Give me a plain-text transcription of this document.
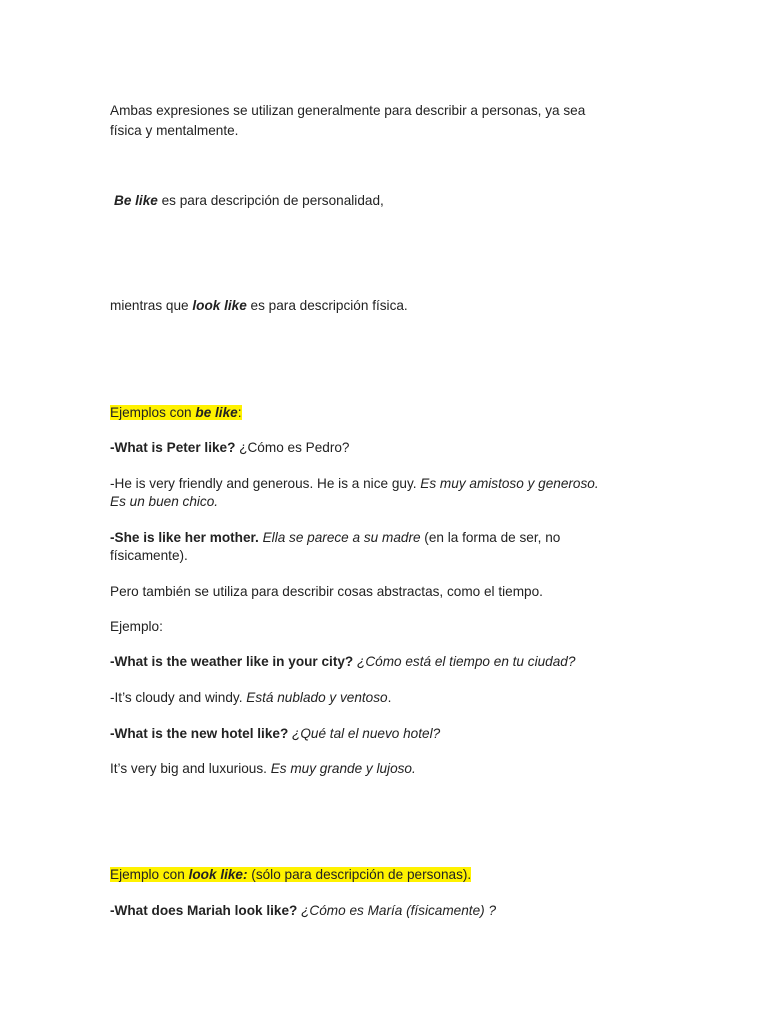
Ambas expresiones se utilizan generalmente para describir a personas, ya sea
física y mentalmente.
Be like es para descripción de personalidad,
mientras que look like es para descripción física.
Ejemplos con be like:
-What is Peter like? ¿Cómo es Pedro?
-He is very friendly and generous. He is a nice guy. Es muy amistoso y generoso.
Es un buen chico.
-She is like her mother. Ella se parece a su madre (en la forma de ser, no
físicamente).
Pero también se utiliza para describir cosas abstractas, como el tiempo.
Ejemplo:
-What is the weather like in your city? ¿Cómo está el tiempo en tu ciudad?
-It’s cloudy and windy. Está nublado y ventoso.
-What is the new hotel like? ¿Qué tal el nuevo hotel?
It’s very big and luxurious. Es muy grande y lujoso.
Ejemplo con look like: (sólo para descripción de personas).
-What does Mariah look like? ¿Cómo es María (físicamente) ?
